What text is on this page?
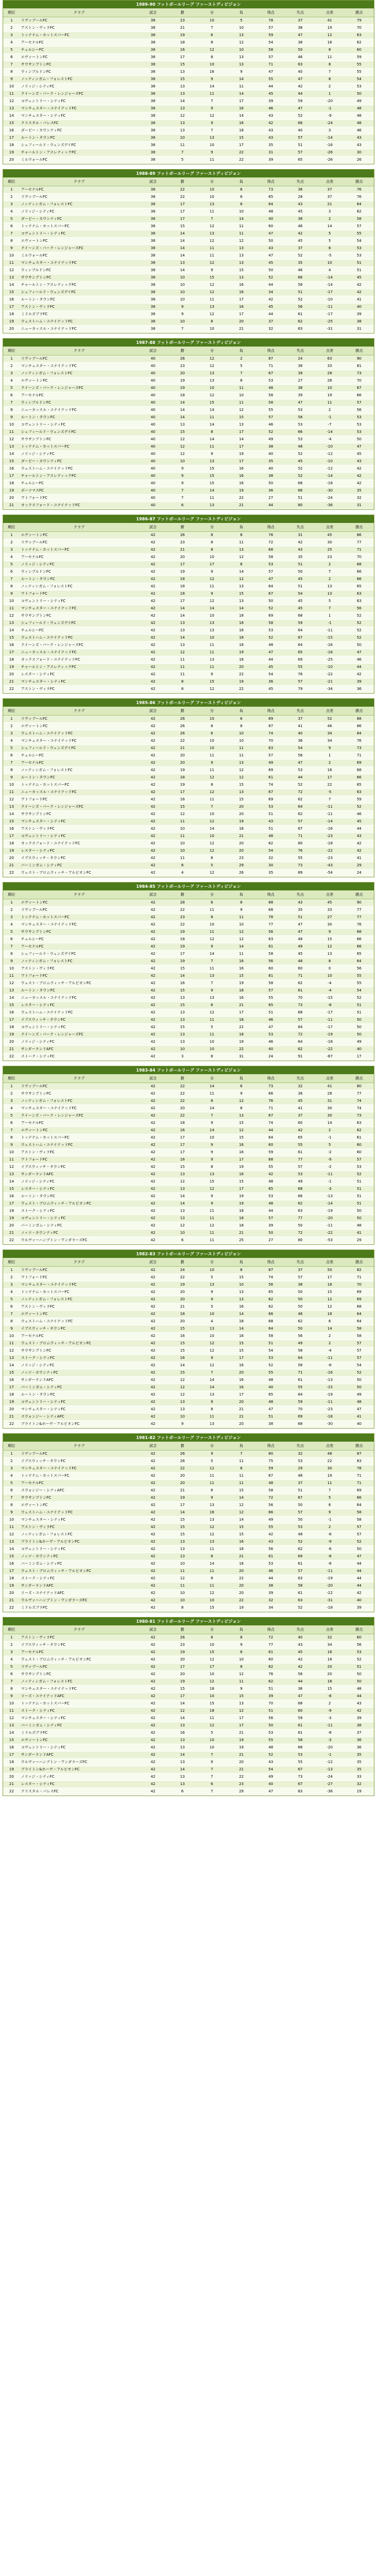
1989-90 フットボールリーグ ファーストディビジョン
順位	クラブ	試合	勝	分	負	得点	失点	点差	勝点
1	リヴァプールFC	38	23	10	5	78	37	41	79
2	アストン・ヴィラFC	38	21	7	10	57	38	19	70
3	トッテナム・ホットスパーFC	38	19	6	13	59	47	12	63
4	アーセナルFC	38	18	8	12	54	38	16	62
5	チェルシーFC	38	16	12	10	58	50	8	60
6	エヴァートンFC	38	17	8	13	57	46	11	59
7	サウサンプトンFC	38	15	10	13	71	63	8	55
8	ウィンブルドンFC	38	13	16	9	47	40	7	55
9	ノッティンガム・フォレストFC	38	15	9	14	55	47	8	54
10	ノリッジ・シティFC	38	13	14	11	44	42	2	53
11	クイーンズ・パーク・レンジャーズFC	38	13	11	14	45	44	1	50
12	コヴェントリー・シティFC	38	14	7	17	39	59	-20	49
13	マンチェスター・ユナイテッドFC	38	13	9	16	46	47	-1	48
14	マンチェスター・シティFC	38	12	12	14	43	52	-9	48
15	クリスタル・パレスFC	38	13	9	16	42	66	-24	48
16	ダービー・カウンティFC	38	13	7	18	43	40	3	46
17	ルートン・タウンFC	38	10	13	15	43	57	-14	43
18	シェフィールド・ウェンズデイFC	38	11	10	17	35	51	-16	43
19	チャールトン・アスレティックFC	38	7	9	22	31	57	-26	30
20	ミルウォールFC	38	5	11	22	39	65	-26	26
1988-89 フットボールリーグ ファーストディビジョン
順位	クラブ	試合	勝	分	負	得点	失点	点差	勝点
1	アーセナルFC	38	22	10	6	73	36	37	76
2	リヴァプールFC	38	22	10	6	65	28	37	76
3	ノッティンガム・フォレストFC	38	17	13	8	64	43	21	64
4	ノリッジ・シティFC	38	17	11	10	48	45	3	62
5	ダービー・カウンティFC	38	17	7	14	40	38	2	58
6	トッテナム・ホットスパーFC	38	15	12	11	60	46	14	57
7	コヴェントリー・シティFC	38	14	13	11	47	42	5	55
8	エヴァートンFC	38	14	12	12	50	45	5	54
9	クイーンズ・パーク・レンジャーズFC	38	14	11	13	43	37	6	53
10	ミルウォールFC	38	14	11	13	47	52	-5	53
11	マンチェスター・ユナイテッドFC	38	13	12	13	45	35	10	51
12	ウィンブルドンFC	38	14	9	15	50	46	4	51
13	サウサンプトンFC	38	10	15	13	52	66	-14	45
14	チャールトン・アスレティックFC	38	10	12	16	44	58	-14	42
15	シェフィールド・ウェンズデイFC	38	10	12	16	34	51	-17	42
16	ルートン・タウンFC	38	10	11	17	42	52	-10	41
17	アストン・ヴィラFC	38	9	13	16	45	56	-11	40
18	ミドルズブラFC	38	9	12	17	44	61	-17	39
19	ウェストハム・ユナイテッドFC	38	10	8	20	37	62	-25	38
20	ニューカッスル・ユナイテッドFC	38	7	10	21	32	63	-31	31
1987-88 フットボールリーグ ファーストディビジョン
順位	クラブ	試合	勝	分	負	得点	失点	点差	勝点
1	リヴァプールFC	40	26	12	2	87	24	63	90
2	マンチェスター・ユナイテッドFC	40	23	12	5	71	38	33	81
3	ノッティンガム・フォレストFC	40	20	13	7	67	39	28	73
4	エヴァートンFC	40	19	13	8	53	27	26	70
5	クイーンズ・パーク・レンジャーズFC	40	19	10	11	48	38	10	67
6	アーセナルFC	40	18	12	10	58	39	19	66
7	ウィンブルドンFC	40	14	15	11	58	47	11	57
8	ニューカッスル・ユナイテッドFC	40	14	14	12	55	53	2	56
9	ルートン・タウンFC	40	14	11	15	57	58	-1	53
10	コヴェントリー・シティFC	40	13	14	13	46	53	-7	53
11	シェフィールド・ウェンズデイFC	40	15	8	17	52	66	-14	53
12	サウサンプトンFC	40	12	14	14	49	53	-4	50
13	トッテナム・ホットスパーFC	40	12	11	17	38	48	-10	47
14	ノリッジ・シティFC	40	12	9	19	40	52	-12	45
15	ダービー・カウンティFC	40	10	13	17	35	45	-10	43
16	ウェストハム・ユナイテッドFC	40	9	15	16	40	52	-12	42
17	チャールトン・アスレティックFC	40	9	15	16	38	52	-14	42
18	チェルシーFC	40	9	15	16	50	68	-18	42
19	ポーツマスFC	40	7	14	19	36	66	-30	35
20	ワトフォードFC	40	7	11	22	27	51	-24	32
21	オックスフォード・ユナイテッドFC	40	6	13	21	44	80	-36	31
1986-87 フットボールリーグ ファーストディビジョン
順位	クラブ	試合	勝	分	負	得点	失点	点差	勝点
1	エヴァートンFC	42	26	8	8	76	31	45	86
2	リヴァプールFC	42	23	8	11	72	42	30	77
3	トッテナム・ホットスパーFC	42	21	8	13	68	43	25	71
4	アーセナルFC	42	20	10	12	58	35	23	70
5	ノリッジ・シティFC	42	17	17	8	53	51	2	68
6	ウィンブルドンFC	42	19	9	14	57	50	7	66
7	ルートン・タウンFC	42	18	12	12	47	45	2	66
8	ノッティンガム・フォレストFC	42	18	11	13	64	51	13	65
9	ワトフォードFC	42	18	9	15	67	54	13	63
10	コヴェントリー・シティFC	42	17	12	13	50	45	5	63
11	マンチェスター・ユナイテッドFC	42	14	14	14	52	45	7	56
12	サウサンプトンFC	42	14	10	18	69	68	1	52
13	シェフィールド・ウェンズデイFC	42	13	13	16	58	59	-1	52
14	チェルシーFC	42	13	13	16	53	64	-11	52
15	ウェストハム・ユナイテッドFC	42	14	10	18	52	67	-15	52
16	クイーンズ・パーク・レンジャーズFC	42	13	11	18	48	64	-16	50
17	ニューカッスル・ユナイテッドFC	42	12	11	19	47	65	-18	47
18	オックスフォード・ユナイテッドFC	42	11	13	18	44	69	-25	46
19	チャールトン・アスレティックFC	42	11	11	20	45	55	-10	44
20	レスター・シティFC	42	11	9	22	54	76	-22	42
21	マンチェスター・シティFC	42	8	15	19	36	57	-21	39
22	アストン・ヴィラFC	42	8	12	22	45	79	-34	36
1985-86 フットボールリーグ ファーストディビジョン
順位	クラブ	試合	勝	分	負	得点	失点	点差	勝点
1	リヴァプールFC	42	26	10	6	89	37	52	88
2	エヴァートンFC	42	26	8	8	87	41	46	86
3	ウェストハム・ユナイテッドFC	42	26	6	10	74	40	34	84
4	マンチェスター・ユナイテッドFC	42	22	10	10	70	36	34	76
5	シェフィールド・ウェンズデイFC	42	21	10	11	63	54	9	73
6	チェルシーFC	42	20	11	11	57	56	1	71
7	アーセナルFC	42	20	9	13	49	47	2	69
8	ノッティンガム・フォレストFC	42	19	11	12	69	53	16	68
9	ルートン・タウンFC	42	18	12	12	61	44	17	66
10	トッテナム・ホットスパーFC	42	19	8	15	74	52	22	65
11	ニューカッスル・ユナイテッドFC	42	17	12	13	67	72	-5	63
12	ワトフォードFC	42	16	11	15	69	62	7	59
13	クイーンズ・パーク・レンジャーズFC	42	15	7	20	53	64	-11	52
14	サウサンプトンFC	42	12	10	20	51	62	-11	46
15	マンチェスター・シティFC	42	11	12	19	43	57	-14	45
16	アストン・ヴィラFC	42	10	14	18	51	67	-16	44
17	コヴェントリー・シティFC	42	11	10	21	48	71	-23	43
18	オックスフォード・ユナイテッドFC	42	10	12	20	62	80	-18	42
19	レスター・シティFC	42	10	12	20	54	76	-22	42
20	イプスウィッチ・タウンFC	42	11	8	23	32	55	-23	41
21	バーミンガム・シティFC	42	8	5	29	30	73	-43	29
22	ウェスト・ブロムウィッチ・アルビオンFC	42	4	12	26	35	89	-54	24
1984-85 フットボールリーグ ファーストディビジョン
順位	クラブ	試合	勝	分	負	得点	失点	点差	勝点
1	エヴァートンFC	42	28	6	8	88	43	45	90
2	リヴァプールFC	42	22	11	9	68	35	33	77
3	トッテナム・ホットスパーFC	42	23	8	11	78	51	27	77
4	マンチェスター・ユナイテッドFC	42	22	10	10	77	47	30	76
5	サウサンプトンFC	42	19	11	12	56	47	9	68
6	チェルシーFC	42	18	12	12	63	48	15	66
7	アーセナルFC	42	19	9	14	61	49	12	66
8	シェフィールド・ウェンズデイFC	42	17	14	11	58	45	13	65
9	ノッティンガム・フォレストFC	42	19	7	16	56	48	8	64
10	アストン・ヴィラFC	42	15	11	16	60	60	0	56
11	ワトフォードFC	42	14	13	15	81	71	10	55
12	ウェスト・ブロムウィッチ・アルビオンFC	42	16	7	19	58	62	-4	55
13	ルートン・タウンFC	42	15	9	18	57	61	-4	54
14	ニューカッスル・ユナイテッドFC	42	13	13	16	55	70	-15	52
15	レスター・シティFC	42	15	6	21	65	73	-8	51
16	ウェストハム・ユナイテッドFC	42	13	12	17	51	68	-17	51
17	イプスウィッチ・タウンFC	42	13	11	18	46	57	-11	50
18	コヴェントリー・シティFC	42	15	5	22	47	64	-17	50
19	クイーンズ・パーク・レンジャーズFC	42	13	11	18	53	72	-19	50
20	ノリッジ・シティFC	42	13	10	19	46	64	-18	49
21	サンダーランドAFC	42	10	10	22	40	62	-22	40
22	ストーク・シティFC	42	3	8	31	24	91	-67	17
1983-84 フットボールリーグ ファーストディビジョン
順位	クラブ	試合	勝	分	負	得点	失点	点差	勝点
1	リヴァプールFC	42	22	14	6	73	32	41	80
2	サウサンプトンFC	42	22	11	9	66	38	28	77
3	ノッティンガム・フォレストFC	42	22	8	12	76	45	31	74
4	マンチェスター・ユナイテッドFC	42	20	14	8	71	41	30	74
5	クイーンズ・パーク・レンジャーズFC	42	22	7	13	67	37	30	73
6	アーセナルFC	42	18	9	15	74	60	14	63
7	エヴァートンFC	42	16	14	12	44	42	2	62
8	トッテナム・ホットスパーFC	42	17	10	15	64	65	-1	61
9	ウェストハム・ユナイテッドFC	42	17	9	16	60	55	5	60
10	アストン・ヴィラFC	42	17	9	16	59	61	-2	60
11	ワトフォードFC	42	16	9	17	68	77	-9	57
12	イプスウィッチ・タウンFC	42	15	8	19	55	57	-2	53
13	サンダーランドAFC	42	13	13	16	42	53	-11	52
14	ノリッジ・シティFC	42	12	15	15	48	49	-1	51
15	レスター・シティFC	42	13	12	17	65	68	-3	51
16	ルートン・タウンFC	42	14	9	19	53	66	-13	51
17	ウェスト・ブロムウィッチ・アルビオンFC	42	14	9	19	48	62	-14	51
18	ストーク・シティFC	42	13	11	18	44	63	-19	50
19	コヴェントリー・シティFC	42	13	11	18	57	77	-20	50
20	バーミンガム・シティFC	42	12	12	18	39	50	-11	48
21	ノッツ・カウンティFC	42	10	11	21	50	72	-22	41
22	ウルヴァーハンプトン・ワンダラーズFC	42	6	11	25	27	80	-53	29
1982-83 フットボールリーグ ファーストディビジョン
順位	クラブ	試合	勝	分	負	得点	失点	点差	勝点
1	リヴァプールFC	42	24	10	8	87	37	50	82
2	ワトフォードFC	42	22	5	15	74	57	17	71
3	マンチェスター・ユナイテッドFC	42	19	13	10	56	38	18	70
4	トッテナム・ホットスパーFC	42	20	9	13	65	50	15	69
5	ノッティンガム・フォレストFC	42	20	9	13	62	50	12	69
6	アストン・ヴィラFC	42	21	5	16	62	50	12	68
7	エヴァートンFC	42	18	10	14	66	48	18	64
8	ウェストハム・ユナイテッドFC	42	20	4	18	68	62	6	64
9	イプスウィッチ・タウンFC	42	15	13	14	64	50	14	58
10	アーセナルFC	42	16	10	16	58	56	2	58
11	ウェスト・ブロムウィッチ・アルビオンFC	42	15	12	15	51	49	2	57
12	サウサンプトンFC	42	15	12	15	54	58	-4	57
13	ストーク・シティFC	42	16	9	17	53	64	-11	57
14	ノリッジ・シティFC	42	14	12	16	52	58	-6	54
15	ノッツ・カウンティFC	42	15	7	20	55	71	-16	52
16	サンダーランドAFC	42	12	14	16	48	61	-13	50
17	バーミンガム・シティFC	42	12	14	16	40	55	-15	50
18	ルートン・タウンFC	42	12	13	17	65	84	-19	49
19	コヴェントリー・シティFC	42	13	9	20	48	59	-11	48
20	マンチェスター・シティFC	42	13	8	21	47	70	-23	47
21	スウォンジー・シティAFC	42	10	11	21	51	69	-18	41
22	ブライトン&ホーヴ・アルビオンFC	42	9	13	20	38	68	-30	40
1981-82 フットボールリーグ ファーストディビジョン
順位	クラブ	試合	勝	分	負	得点	失点	点差	勝点
1	リヴァプールFC	42	26	9	7	80	32	48	87
2	イプスウィッチ・タウンFC	42	26	5	11	75	53	22	83
3	マンチェスター・ユナイテッドFC	42	22	12	8	59	29	30	78
4	トッテナム・ホットスパーFC	42	20	11	11	67	48	19	71
5	アーセナルFC	42	20	11	11	48	37	11	71
6	スウォンジー・シティAFC	42	21	6	15	58	51	7	69
7	サウサンプトンFC	42	19	9	14	72	67	5	66
8	エヴァートンFC	42	17	13	12	56	50	6	64
9	ウェストハム・ユナイテッドFC	42	14	16	12	66	57	9	58
10	マンチェスター・シティFC	42	15	13	14	49	50	-1	58
11	アストン・ヴィラFC	42	15	12	15	55	53	2	57
12	ノッティンガム・フォレストFC	42	15	12	15	42	48	-6	57
13	ブライトン&ホーヴ・アルビオンFC	42	13	13	16	43	52	-9	52
14	コヴェントリー・シティFC	42	13	11	18	56	62	-6	50
15	ノッツ・カウンティFC	42	13	8	21	61	69	-8	47
16	バーミンガム・シティFC	42	10	14	18	53	61	-8	44
17	ウェスト・ブロムウィッチ・アルビオンFC	42	11	11	20	46	57	-11	44
18	ストーク・シティFC	42	12	8	22	44	63	-19	44
19	サンダーランドAFC	42	11	11	20	38	58	-20	44
20	リーズ・ユナイテッドAFC	42	10	12	20	39	61	-22	42
21	ウルヴァーハンプトン・ワンダラーズFC	42	10	10	22	32	63	-31	40
22	ミドルズブラFC	42	8	15	19	34	52	-18	39
1980-81 フットボールリーグ ファーストディビジョン
順位	クラブ	試合	勝	分	負	得点	失点	点差	勝点
1	アストン・ヴィラFC	42	26	8	8	72	40	32	60
2	イプスウィッチ・タウンFC	42	23	10	9	77	43	34	56
3	アーセナルFC	42	19	15	8	61	45	16	53
4	ウェスト・ブロムウィッチ・アルビオンFC	42	20	12	10	60	42	18	52
5	リヴァプールFC	42	17	17	8	62	42	20	51
6	サウサンプトンFC	42	20	10	12	76	56	20	50
7	ノッティンガム・フォレストFC	42	19	12	11	62	44	18	50
8	マンチェスター・ユナイテッドFC	42	15	18	9	51	36	15	48
9	リーズ・ユナイテッドAFC	42	17	10	15	39	47	-8	44
10	トッテナム・ホットスパーFC	42	14	15	13	70	68	2	43
11	ストーク・シティFC	42	12	18	12	51	60	-9	42
12	マンチェスター・シティFC	42	14	11	17	56	59	-3	39
13	バーミンガム・シティFC	42	13	12	17	50	61	-11	38
14	ミドルズブラFC	42	16	5	21	53	61	-8	37
15	エヴァートンFC	42	13	10	19	55	58	-3	36
16	コヴェントリー・シティFC	42	13	10	19	48	68	-20	36
17	サンダーランドAFC	42	14	7	21	52	53	-1	35
18	ウルヴァーハンプトン・ワンダラーズFC	42	13	9	20	43	55	-12	35
19	ブライトン&ホーヴ・アルビオンFC	42	14	7	21	54	67	-13	35
20	ノリッジ・シティFC	42	13	7	22	49	73	-24	33
21	レスター・シティFC	42	13	6	23	40	67	-27	32
22	クリスタル・パレスFC	42	6	7	29	47	83	-36	19
